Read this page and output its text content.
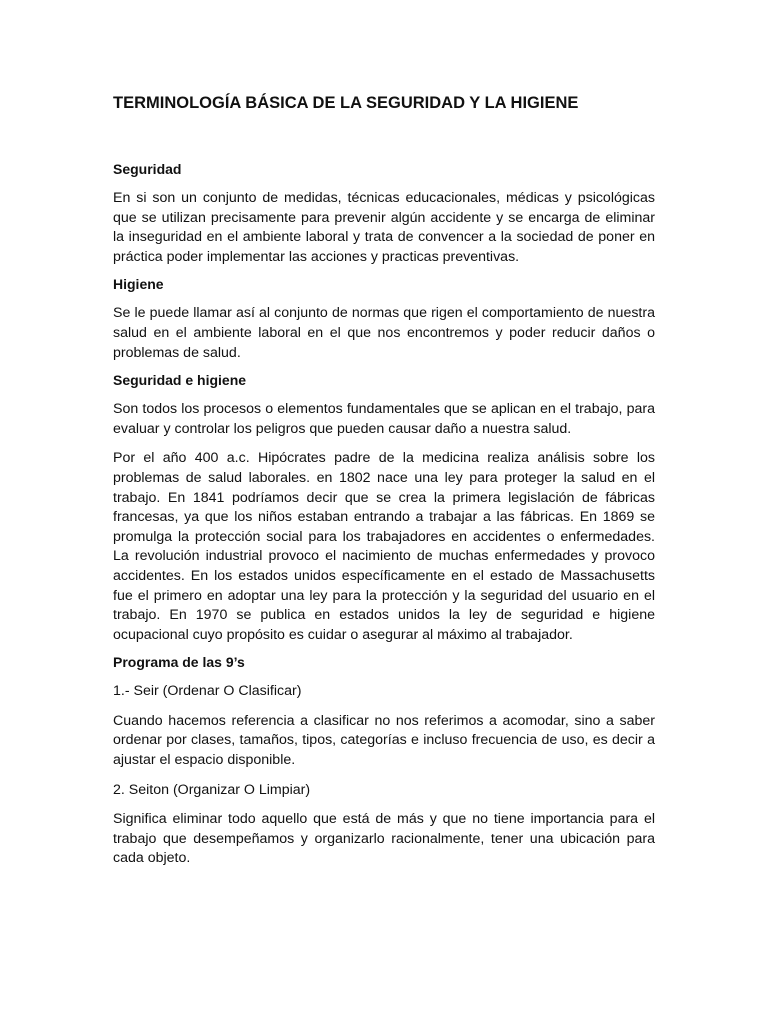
TERMINOLOGÍA BÁSICA DE LA SEGURIDAD Y LA HIGIENE
Seguridad

En si son un conjunto de medidas, técnicas educacionales, médicas y psicológicas que se utilizan precisamente para prevenir algún accidente y se encarga de eliminar la inseguridad en el ambiente laboral y trata de convencer a la sociedad de poner en práctica poder implementar las acciones y practicas preventivas.

Higiene

Se le puede llamar así al conjunto de normas que rigen el comportamiento de nuestra salud en el ambiente laboral en el que nos encontremos y poder reducir daños o problemas de salud.

Seguridad e higiene

Son todos los procesos o elementos fundamentales que se aplican en el trabajo, para evaluar y controlar los peligros que pueden causar daño a nuestra salud.

Por el año 400 a.c. Hipócrates padre de la medicina realiza análisis sobre los problemas de salud laborales. en 1802 nace una ley para proteger la salud en el trabajo. En 1841 podríamos decir que se crea la primera legislación de fábricas francesas, ya que los niños estaban entrando a trabajar a las fábricas. En 1869 se promulga la protección social para los trabajadores en accidentes o enfermedades. La revolución industrial provoco el nacimiento de muchas enfermedades y provoco accidentes. En los estados unidos específicamente en el estado de Massachusetts fue el primero en adoptar una ley para la protección y la seguridad del usuario en el trabajo. En 1970 se publica en estados unidos la ley de seguridad e higiene ocupacional cuyo propósito es cuidar o asegurar al máximo al trabajador.

Programa de las 9’s

1.- Seir (Ordenar O Clasificar)

Cuando hacemos referencia a clasificar no nos referimos a acomodar, sino a saber ordenar por clases, tamaños, tipos, categorías e incluso frecuencia de uso, es decir a ajustar el espacio disponible.

2. Seiton (Organizar O Limpiar)

Significa eliminar todo aquello que está de más y que no tiene importancia para el trabajo que desempeñamos y organizarlo racionalmente, tener una ubicación para cada objeto.
